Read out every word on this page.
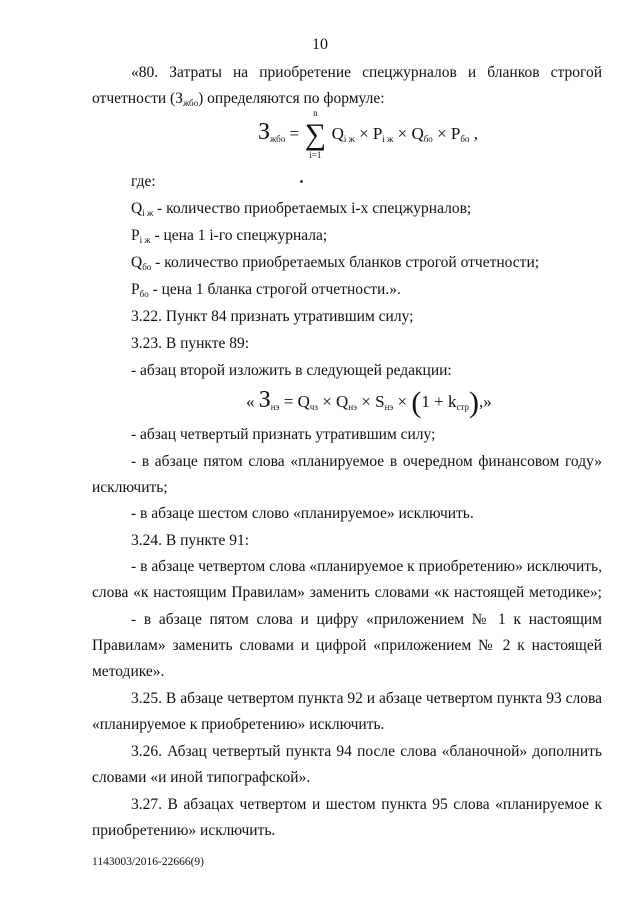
10
«80. Затраты на приобретение спецжурналов и бланков строгой
отчетности $(З_{жбо})$ определяются по формуле:
$З_{жбо}$ =
n
∑
i=1
$Q_{i ж} \times P_{i ж} \times Q_{бо} \times P_{бо}$ ,
где:
$Q_{i ж}$ - количество приобретаемых i-х спецжурналов;
$P_{i ж}$ - цена 1 i-го спецжурнала;
$Q_{бо}$ - количество приобретаемых бланков строгой отчетности;
$P_{бо}$ - цена 1 бланка строгой отчетности.».
3.22. Пункт 84 признать утратившим силу;
3.23. В пункте 89:
- абзац второй изложить в следующей редакции:
« $З_{нэ} = Q_{чз} \times Q_{нэ} \times S_{нэ} \times (1 + k_{стр})$,»
- абзац четвертый признать утратившим силу;
- в абзаце пятом слова «планируемое в очередном финансовом году»
исключить;
- в абзаце шестом слово «планируемое» исключить.
3.24. В пункте 91:
- в абзаце четвертом слова «планируемое к приобретению» исключить,
слова «к настоящим Правилам» заменить словами «к настоящей методике»;
- в абзаце пятом слова и цифру «приложением № 1 к настоящим
Правилам» заменить словами и цифрой «приложением № 2 к настоящей
методике».
3.25. В абзаце четвертом пункта 92 и абзаце четвертом пункта 93 слова
«планируемое к приобретению» исключить.
3.26. Абзац четвертый пункта 94 после слова «бланочной» дополнить
словами «и иной типографской».
3.27. В абзацах четвертом и шестом пункта 95 слова «планируемое к
приобретению» исключить.
1143003/2016-22666(9)
